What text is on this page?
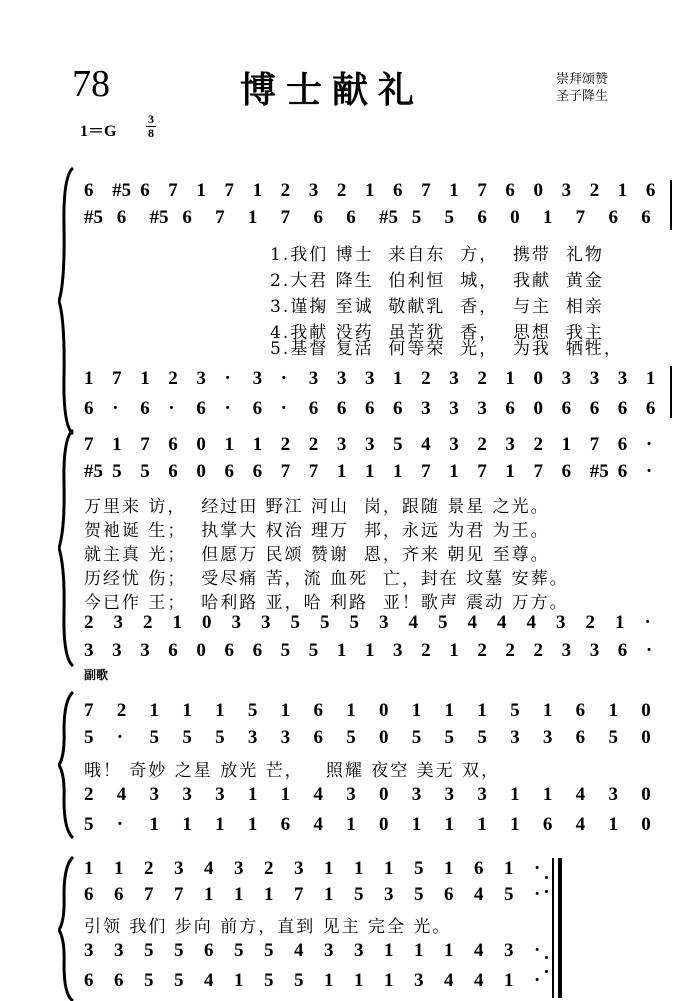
78	博士献礼	崇拜颂赞
圣子降生
1＝G
3
8
6 #5 6 7 1 7 1 2 3 2 1 6 7 1 7 6 0 3 2 1 6
#5 6 #5 6 7 1 7 6 6 #5 5 5 6 0 1 7 6 6
1.我们 博士  来自东  方，  携带  礼物
2.大君 降生  伯利恒  城，  我献  黄金
3.谨掬 至诚  敬献乳  香，  与主  相亲
4.我献 没药  虽苦犹  香，  思想  我主
5.基督 复活  何等荣  光，  为我  牺牲，
1 7 1 2 3 · 3 · 3 3 3 1 2 3 2 1 0 3 3 3 1
6 · 6 · 6 · 6 · 6 6 6 6 3 3 3 6 0 6 6 6 6
7 1 7 6 0 1 1 2 2 3 3 5 4 3 2 3 2 1 7 6 ·
#5 5 5 6 0 6 6 7 7 1 1 1 7 1 7 1 7 6 #5 6 ·
万里来 访，  经过田 野江 河山  岗，跟随 景星 之光。
贺祂诞 生；  执掌大 权治 理万  邦，永远 为君 为王。
就主真 光；  但愿万 民颂 赞谢  恩，齐来 朝见 至尊。
历经忧 伤；  受尽痛 苦，流 血死  亡，封在 坟墓 安葬。
今已作 王；  哈利路 亚，哈 利路  亚！歌声 震动 万方。
2 3 2 1 0 3 3 5 5 5 3 4 5 4 4 4 3 2 1 ·
3 3 3 6 0 6 6 5 5 1 1 3 2 1 2 2 2 3 3 6 ·
副歌
7 2 1 1 1 5 1 6 1 0 1 1 1 5 1 6 1 0
5 · 5 5 5 3 3 6 5 0 5 5 5 3 3 6 5 0
哦！ 奇妙 之星 放光 芒，   照耀 夜空 美无 双，
2 4 3 3 3 1 1 4 3 0 3 3 3 1 1 4 3 0
5 · 1 1 1 1 6 4 1 0 1 1 1 1 6 4 1 0
1 1 2 3 4 3 2 3 1 1 1 5 1 6 1 ·
6 6 7 7 1 1 1 7 1 5 3 5 6 4 5 ·
引领 我们 步向 前方，直到 见主 完全 光。
3 3 5 5 6 5 5 4 3 3 1 1 1 4 3 ·
6 6 5 5 4 1 5 5 1 1 1 3 4 4 1 ·
